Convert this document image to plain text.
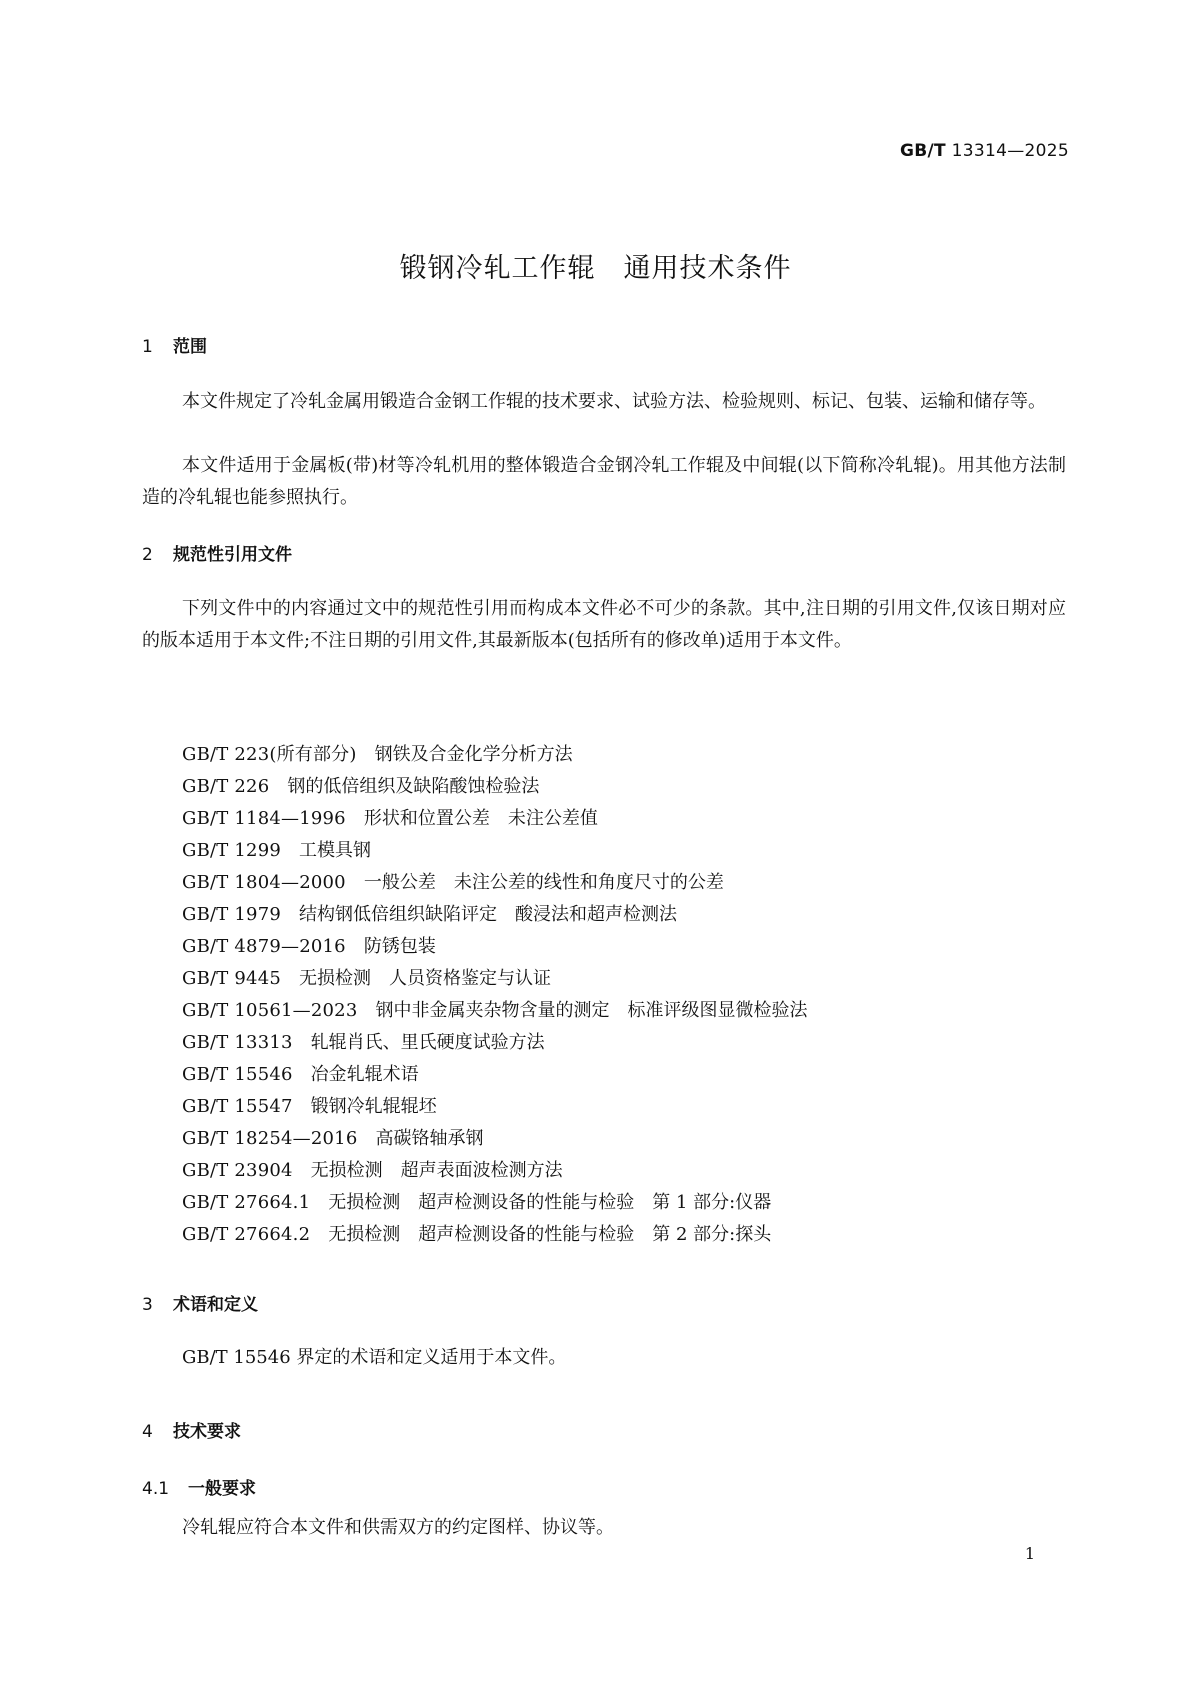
GB/T 13314—2025
锻钢冷轧工作辊　通用技术条件
1 范围

本文件规定了冷轧金属用锻造合金钢工作辊的技术要求、试验方法、检验规则、标记、包装、运输和储存等。

本文件适用于金属板(带)材等冷轧机用的整体锻造合金钢冷轧工作辊及中间辊(以下简称冷轧辊)。用其他方法制造的冷轧辊也能参照执行。

2 规范性引用文件

下列文件中的内容通过文中的规范性引用而构成本文件必不可少的条款。其中,注日期的引用文件,仅该日期对应的版本适用于本文件;不注日期的引用文件,其最新版本(包括所有的修改单)适用于本文件。

GB/T 223(所有部分)　 钢铁及合金化学分析方法
GB/T 226　 钢的低倍组织及缺陷酸蚀检验法
GB/T 1184—1996　 形状和位置公差　未注公差值
GB/T 1299　 工模具钢
GB/T 1804—2000　 一般公差　未注公差的线性和角度尺寸的公差
GB/T 1979　 结构钢低倍组织缺陷评定　酸浸法和超声检测法
GB/T 4879—2016　 防锈包装
GB/T 9445　 无损检测　人员资格鉴定与认证
GB/T 10561—2023　 钢中非金属夹杂物含量的测定　标准评级图显微检验法
GB/T 13313　 轧辊肖氏、里氏硬度试验方法
GB/T 15546　 冶金轧辊术语
GB/T 15547　 锻钢冷轧辊辊坯
GB/T 18254—2016　 高碳铬轴承钢
GB/T 23904　 无损检测　超声表面波检测方法
GB/T 27664.1　 无损检测　超声检测设备的性能与检验　第 1 部分:仪器
GB/T 27664.2　 无损检测　超声检测设备的性能与检验　第 2 部分:探头
3 术语和定义

GB/T 15546 界定的术语和定义适用于本文件。

4 技术要求
4.1 一般要求

冷轧辊应符合本文件和供需双方的约定图样、协议等。

1
